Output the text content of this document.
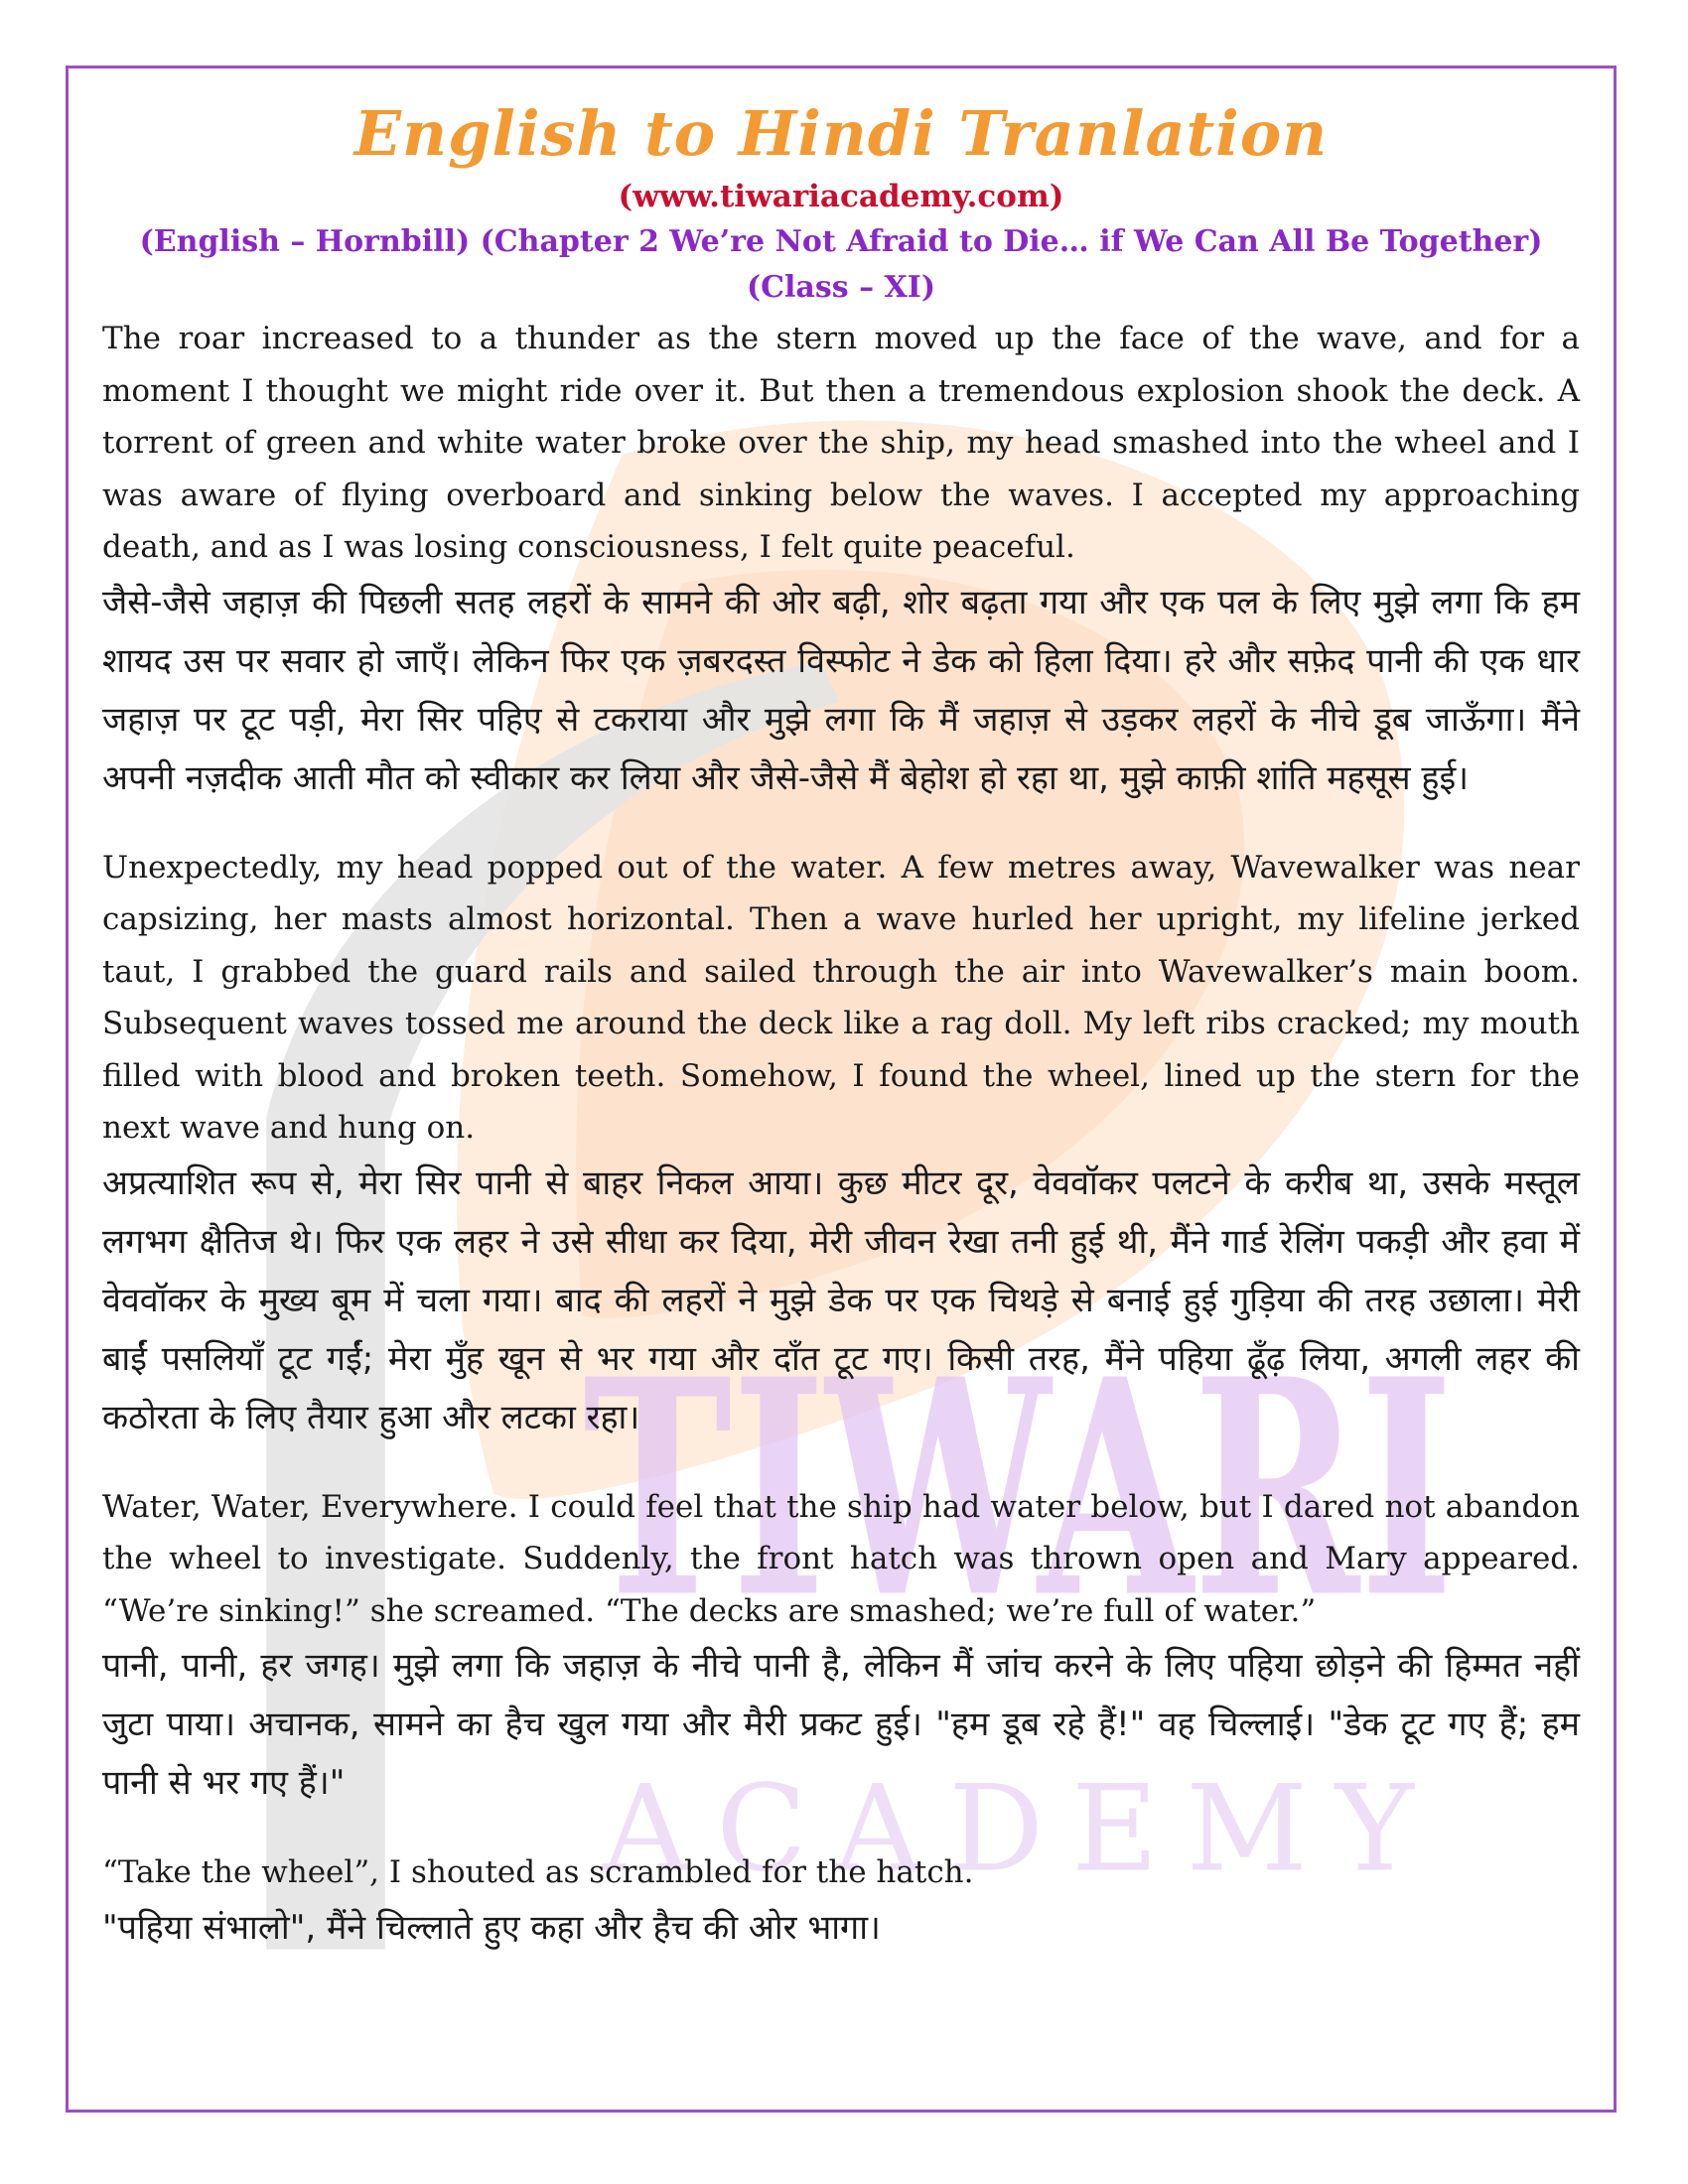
TIWARI
ACADEMY
English to Hindi Tranlation

(www.tiwariacademy.com)

(English – Hornbill) (Chapter 2 We’re Not Afraid to Die… if We Can All Be Together)

(Class – XI)

The roar increased to a thunder as the stern moved up the face of the wave, and for a moment I thought we might ride over it. But then a tremendous explosion shook the deck. A torrent of green and white water broke over the ship, my head smashed into the wheel and I was aware of flying overboard and sinking below the waves. I accepted my approaching death, and as I was losing consciousness, I felt quite peaceful.

जैसे-जैसे जहाज़ की पिछली सतह लहरों के सामने की ओर बढ़ी, शोर बढ़ता गया और एक पल के लिए मुझे लगा कि हम शायद उस पर सवार हो जाएँ। लेकिन फिर एक ज़बरदस्त विस्फोट ने डेक को हिला दिया। हरे और सफ़ेद पानी की एक धार जहाज़ पर टूट पड़ी, मेरा सिर पहिए से टकराया और मुझे लगा कि मैं जहाज़ से उड़कर लहरों के नीचे डूब जाऊँगा। मैंने अपनी नज़दीक आती मौत को स्वीकार कर लिया और जैसे-जैसे मैं बेहोश हो रहा था, मुझे काफ़ी शांति महसूस हुई।

Unexpectedly, my head popped out of the water. A few metres away, Wavewalker was near capsizing, her masts almost horizontal. Then a wave hurled her upright, my lifeline jerked taut, I grabbed the guard rails and sailed through the air into Wavewalker’s main boom. Subsequent waves tossed me around the deck like a rag doll. My left ribs cracked; my mouth filled with blood and broken teeth. Somehow, I found the wheel, lined up the stern for the next wave and hung on.

अप्रत्याशित रूप से, मेरा सिर पानी से बाहर निकल आया। कुछ मीटर दूर, वेववॉकर पलटने के करीब था, उसके मस्तूल लगभग क्षैतिज थे। फिर एक लहर ने उसे सीधा कर दिया, मेरी जीवन रेखा तनी हुई थी, मैंने गार्ड रेलिंग पकड़ी और हवा में वेववॉकर के मुख्य बूम में चला गया। बाद की लहरों ने मुझे डेक पर एक चिथड़े से बनाई हुई गुड़िया की तरह उछाला। मेरी बाईं पसलियाँ टूट गईं; मेरा मुँह खून से भर गया और दाँत टूट गए। किसी तरह, मैंने पहिया ढूँढ़ लिया, अगली लहर की कठोरता के लिए तैयार हुआ और लटका रहा।

Water, Water, Everywhere. I could feel that the ship had water below, but I dared not abandon the wheel to investigate. Suddenly, the front hatch was thrown open and Mary appeared. “We’re sinking!” she screamed. “The decks are smashed; we’re full of water.”

पानी, पानी, हर जगह। मुझे लगा कि जहाज़ के नीचे पानी है, लेकिन मैं जांच करने के लिए पहिया छोड़ने की हिम्मत नहीं जुटा पाया। अचानक, सामने का हैच खुल गया और मैरी प्रकट हुई। "हम डूब रहे हैं!" वह चिल्लाई। "डेक टूट गए हैं; हम पानी से भर गए हैं।"

“Take the wheel”, I shouted as scrambled for the hatch.

"पहिया संभालो", मैंने चिल्लाते हुए कहा और हैच की ओर भागा।
